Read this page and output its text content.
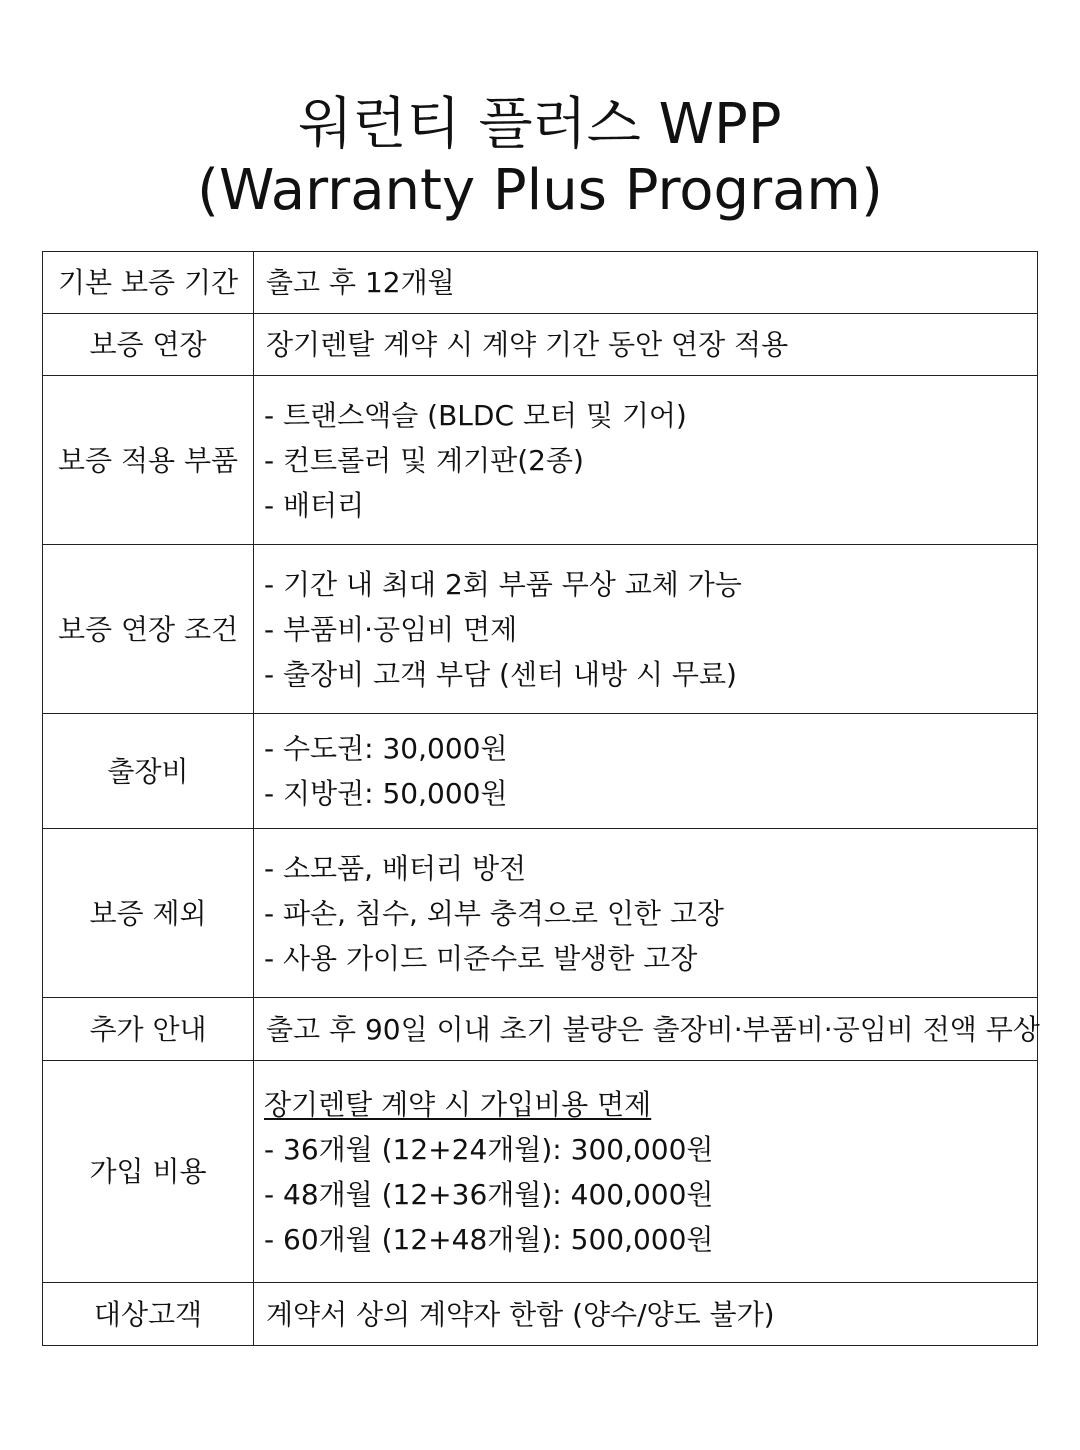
워런티 플러스 WPP
(Warranty Plus Program)
기본 보증 기간	출고 후 12개월

보증 연장	장기렌탈 계약 시 계약 기간 동안 연장 적용

보증 적용 부품	- 트랜스액슬 (BLDC 모터 및 기어)
- 컨트롤러 및 계기판(2종)
- 배터리

보증 연장 조건	- 기간 내 최대 2회 부품 무상 교체 가능
- 부품비·공임비 면제
- 출장비 고객 부담 (센터 내방 시 무료)

출장비	- 수도권: 30,000원
- 지방권: 50,000원

보증 제외	- 소모품, 배터리 방전
- 파손, 침수, 외부 충격으로 인한 고장
- 사용 가이드 미준수로 발생한 고장

추가 안내	출고 후 90일 이내 초기 불량은 출장비·부품비·공임비 전액 무상

가입 비용	장기렌탈 계약 시 가입비용 면제
- 36개월 (12+24개월): 300,000원
- 48개월 (12+36개월): 400,000원
- 60개월 (12+48개월): 500,000원

대상고객	계약서 상의 계약자 한함 (양수/양도 불가)
